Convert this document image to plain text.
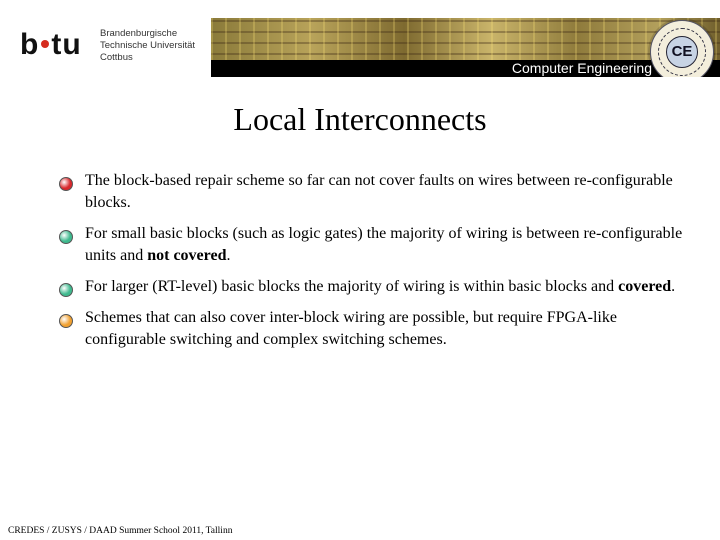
b tu Brandenburgische
Technische Universität
Cottbus
Computer Engineering
CE
Local Interconnects
The block-based repair scheme so far can not cover faults on wires between re-configurable blocks.
For small basic blocks (such as logic gates) the majority of wiring is between re-configurable units and not covered.
For larger (RT-level) basic blocks the majority of wiring is within basic blocks and covered.
Schemes that can also cover inter-block wiring are possible, but require FPGA-like configurable switching and complex switching schemes.
CREDES / ZUSYS / DAAD Summer School 2011, Tallinn
